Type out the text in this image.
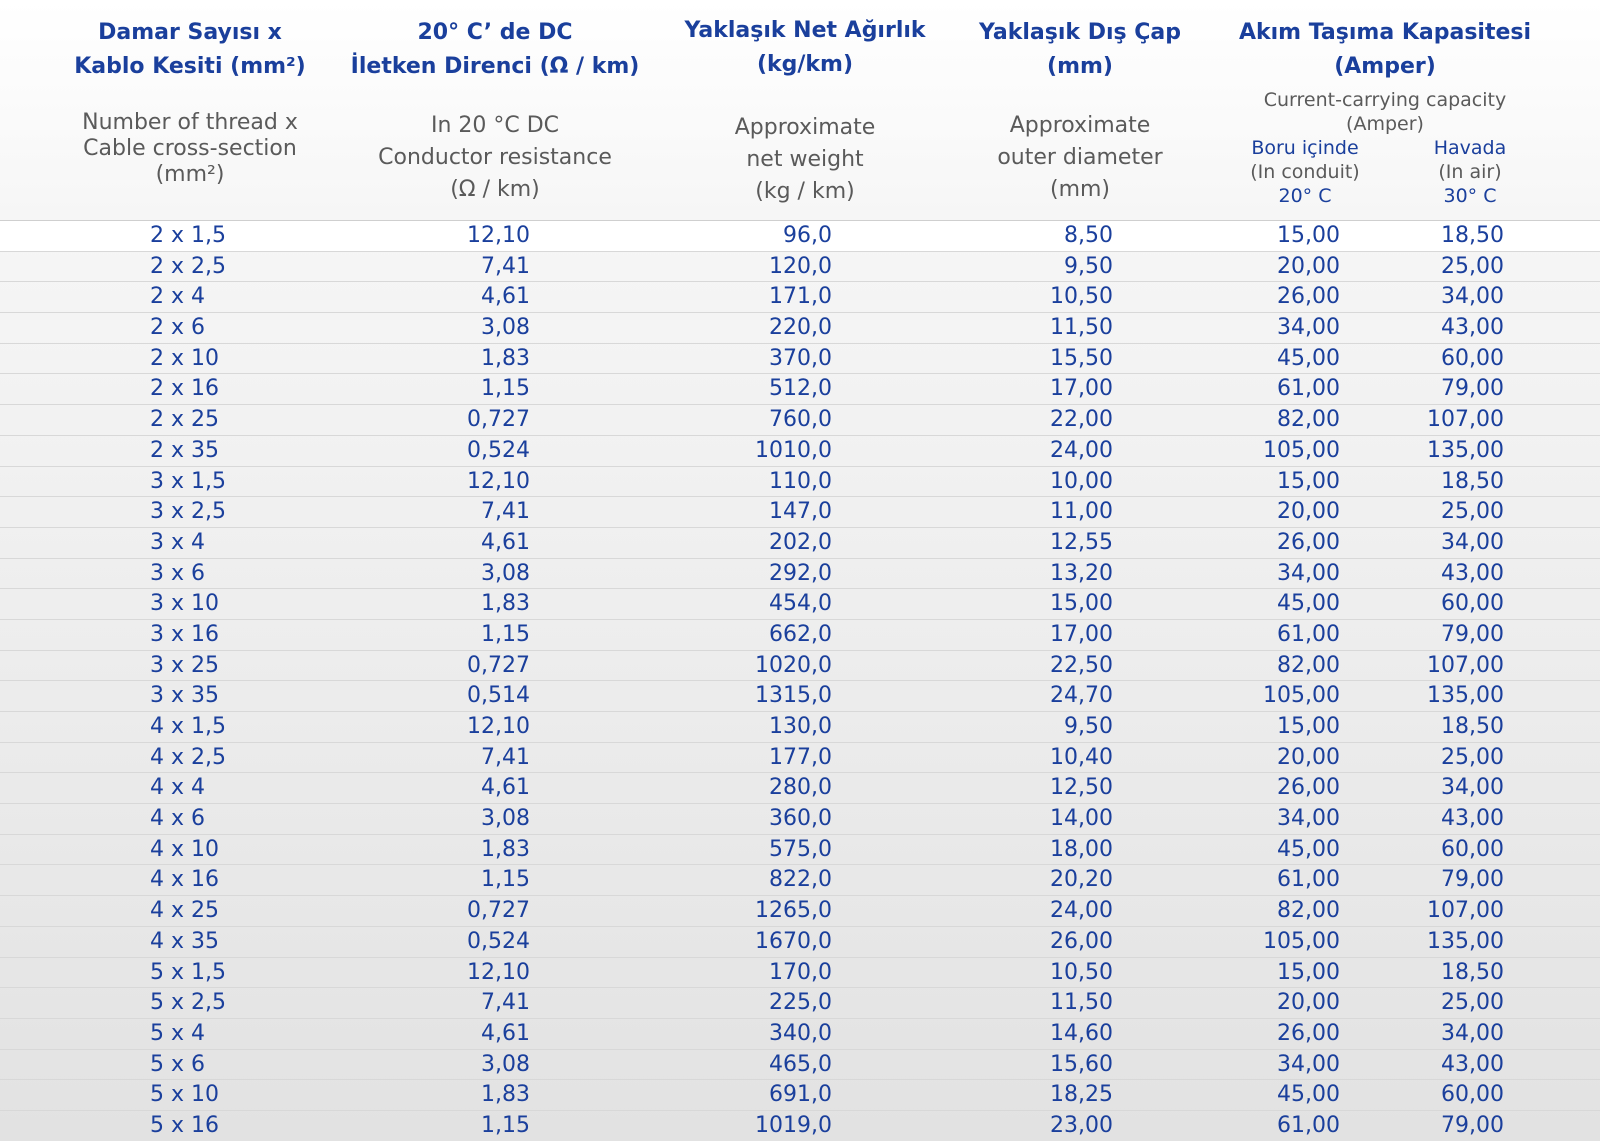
Damar Sayısı x
Kablo Kesiti (mm²)
Number of thread x
Cable cross-section
(mm²)
20° C’ de DC
İletken Direnci (Ω / km)
In 20 °C DC
Conductor resistance
(Ω / km)
Yaklaşık Net Ağırlık
(kg/km)
Approximate
net weight
(kg / km)
Yaklaşık Dış Çap
(mm)
Approximate
outer diameter
(mm)
Akım Taşıma Kapasitesi
(Amper)
Current-carrying capacity
(Amper)
Boru içinde
(In conduit)
20° C
Havada
(In air)
30° C
2 x 1,5	12,10	96,0	8,50	15,00	18,50
2 x 2,5	7,41	120,0	9,50	20,00	25,00
2 x 4	4,61	171,0	10,50	26,00	34,00
2 x 6	3,08	220,0	11,50	34,00	43,00
2 x 10	1,83	370,0	15,50	45,00	60,00
2 x 16	1,15	512,0	17,00	61,00	79,00
2 x 25	0,727	760,0	22,00	82,00	107,00
2 x 35	0,524	1010,0	24,00	105,00	135,00
3 x 1,5	12,10	110,0	10,00	15,00	18,50
3 x 2,5	7,41	147,0	11,00	20,00	25,00
3 x 4	4,61	202,0	12,55	26,00	34,00
3 x 6	3,08	292,0	13,20	34,00	43,00
3 x 10	1,83	454,0	15,00	45,00	60,00
3 x 16	1,15	662,0	17,00	61,00	79,00
3 x 25	0,727	1020,0	22,50	82,00	107,00
3 x 35	0,514	1315,0	24,70	105,00	135,00
4 x 1,5	12,10	130,0	9,50	15,00	18,50
4 x 2,5	7,41	177,0	10,40	20,00	25,00
4 x 4	4,61	280,0	12,50	26,00	34,00
4 x 6	3,08	360,0	14,00	34,00	43,00
4 x 10	1,83	575,0	18,00	45,00	60,00
4 x 16	1,15	822,0	20,20	61,00	79,00
4 x 25	0,727	1265,0	24,00	82,00	107,00
4 x 35	0,524	1670,0	26,00	105,00	135,00
5 x 1,5	12,10	170,0	10,50	15,00	18,50
5 x 2,5	7,41	225,0	11,50	20,00	25,00
5 x 4	4,61	340,0	14,60	26,00	34,00
5 x 6	3,08	465,0	15,60	34,00	43,00
5 x 10	1,83	691,0	18,25	45,00	60,00
5 x 16	1,15	1019,0	23,00	61,00	79,00
